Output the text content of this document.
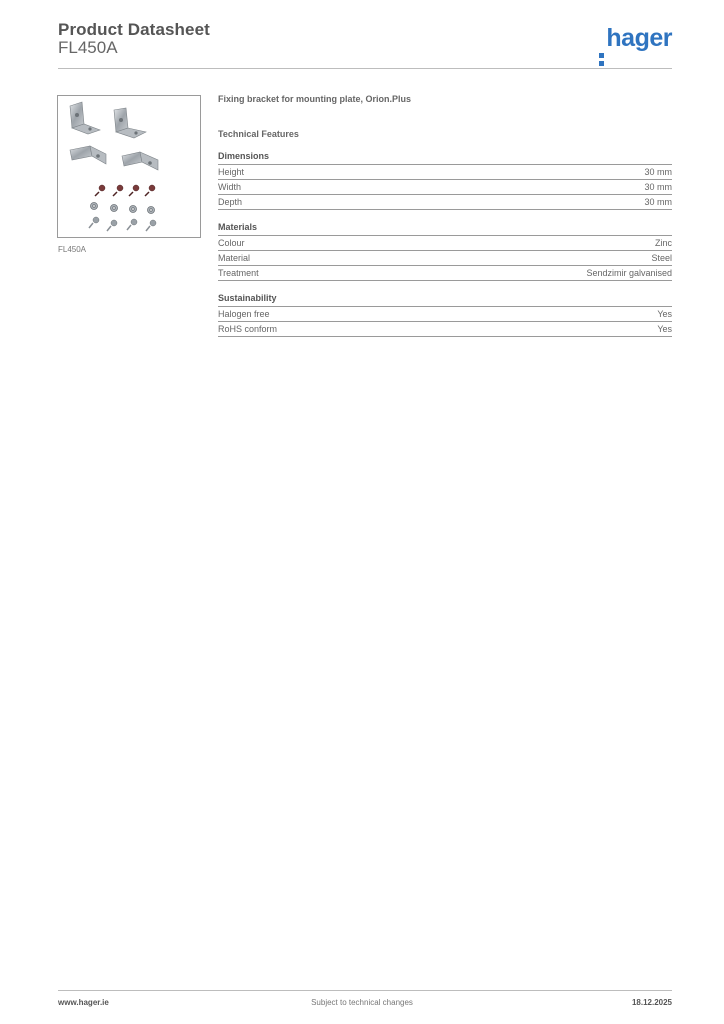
Product Datasheet
FL450A	hager
FL450A
Fixing bracket for mounting plate, Orion.Plus
Technical Features
Dimensions
Height	30 mm
Width	30 mm
Depth	30 mm
Materials
Colour	Zinc
Material	Steel
Treatment	Sendzimir galvanised
Sustainability
Halogen free	Yes
RoHS conform	Yes
www.hager.ie	Subject to technical changes	18.12.2025
